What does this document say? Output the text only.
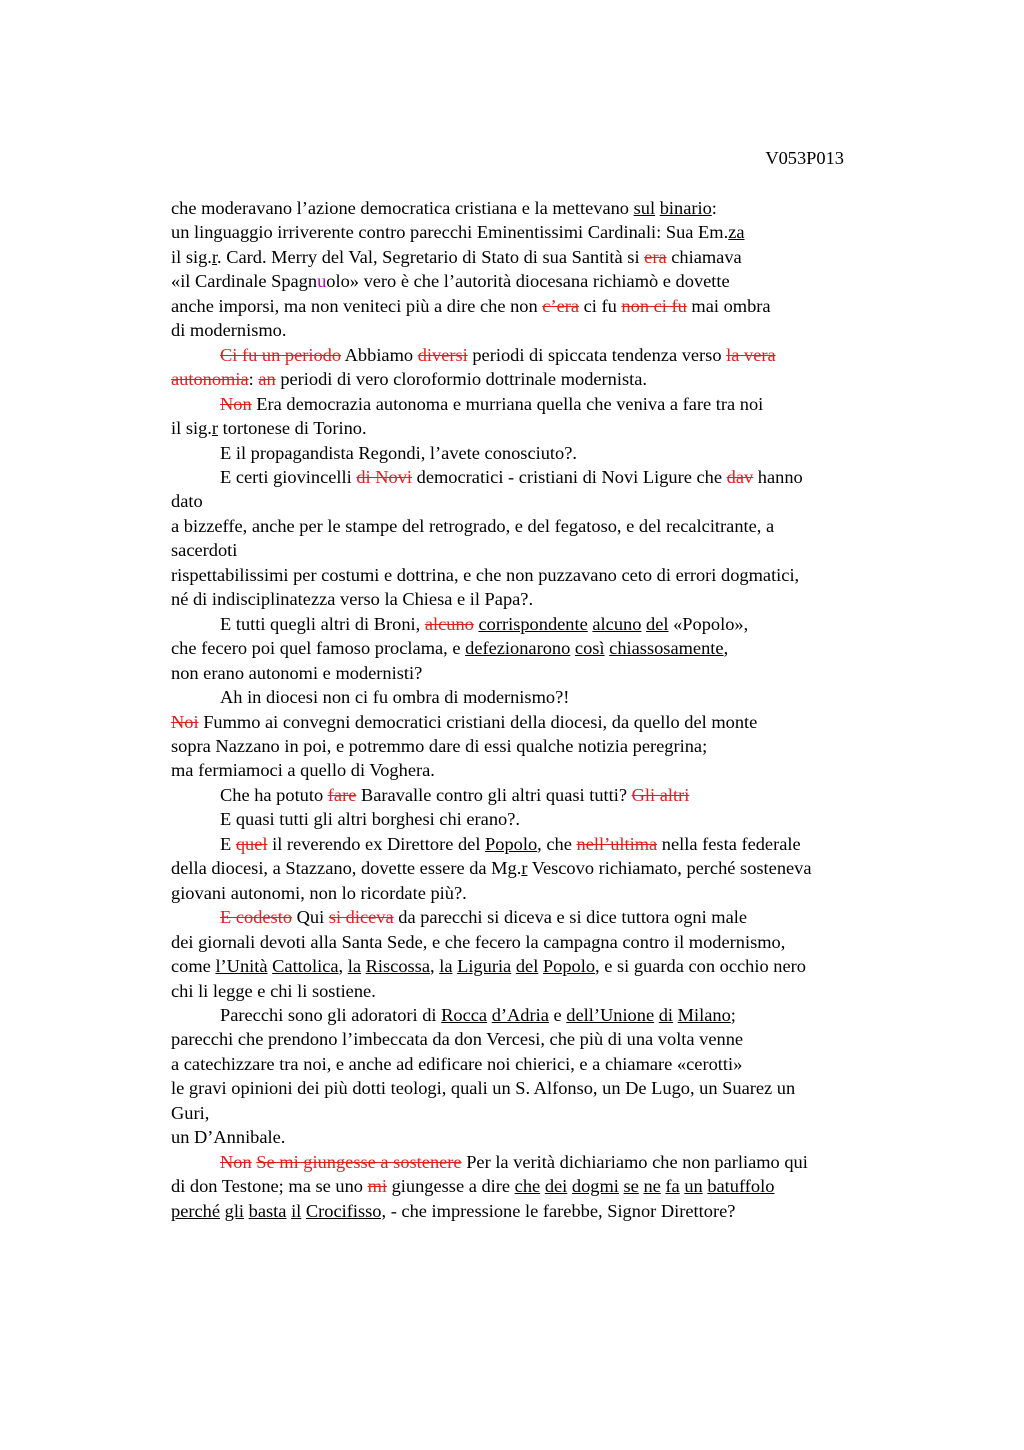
V053P013
che moderavano l’azione democratica cristiana e la mettevano sul binario:
un linguaggio irriverente contro parecchi Eminentissimi Cardinali: Sua Em.za
il sig.r. Card. Merry del Val, Segretario di Stato di sua Santità si era chiamava
«il Cardinale Spagnuolo» vero è che l’autorità diocesana richiamò e dovette
anche imporsi, ma non veniteci più a dire che non c’era ci fu non ci fu mai ombra
di modernismo.
Ci fu un periodo Abbiamo diversi periodi di spiccata tendenza verso la vera
autonomia: an periodi di vero cloroformio dottrinale modernista.
Non Era democrazia autonoma e murriana quella che veniva a fare tra noi
il sig.r tortonese di Torino.
E il propagandista Regondi, l’avete conosciuto?.
E certi giovincelli di Novi democratici - cristiani di Novi Ligure che dav hanno
dato
a bizzeffe, anche per le stampe del retrogrado, e del fegatoso, e del recalcitrante, a
sacerdoti
rispettabilissimi per costumi e dottrina, e che non puzzavano ceto di errori dogmatici,
né di indisciplinatezza verso la Chiesa e il Papa?.
E tutti quegli altri di Broni, alcuno corrispondente alcuno del «Popolo»,
che fecero poi quel famoso proclama, e defezionarono così chiassosamente,
non erano autonomi e modernisti?
Ah in diocesi non ci fu ombra di modernismo?!
Noi Fummo ai convegni democratici cristiani della diocesi, da quello del monte
sopra Nazzano in poi, e potremmo dare di essi qualche notizia peregrina;
ma fermiamoci a quello di Voghera.
Che ha potuto fare Baravalle contro gli altri quasi tutti? Gli altri
E quasi tutti gli altri borghesi chi erano?.
E quel il reverendo ex Direttore del Popolo, che nell’ultima nella festa federale
della diocesi, a Stazzano, dovette essere da Mg.r Vescovo richiamato, perché sosteneva
giovani autonomi, non lo ricordate più?.
E codesto Qui si diceva da parecchi si diceva e si dice tuttora ogni male
dei giornali devoti alla Santa Sede, e che fecero la campagna contro il modernismo,
come l’Unità Cattolica, la Riscossa, la Liguria del Popolo, e si guarda con occhio nero
chi li legge e chi li sostiene.
Parecchi sono gli adoratori di Rocca d’Adria e dell’Unione di Milano;
parecchi che prendono l’imbeccata da don Vercesi, che più di una volta venne
a catechizzare tra noi, e anche ad edificare noi chierici, e a chiamare «cerotti»
le gravi opinioni dei più dotti teologi, quali un S. Alfonso, un De Lugo, un Suarez un
Guri,
un D’Annibale.
Non Se mi giungesse a sostenere Per la verità dichiariamo che non parliamo qui
di don Testone; ma se uno mi giungesse a dire che dei dogmi se ne fa un batuffolo
perché gli basta il Crocifisso, - che impressione le farebbe, Signor Direttore?
